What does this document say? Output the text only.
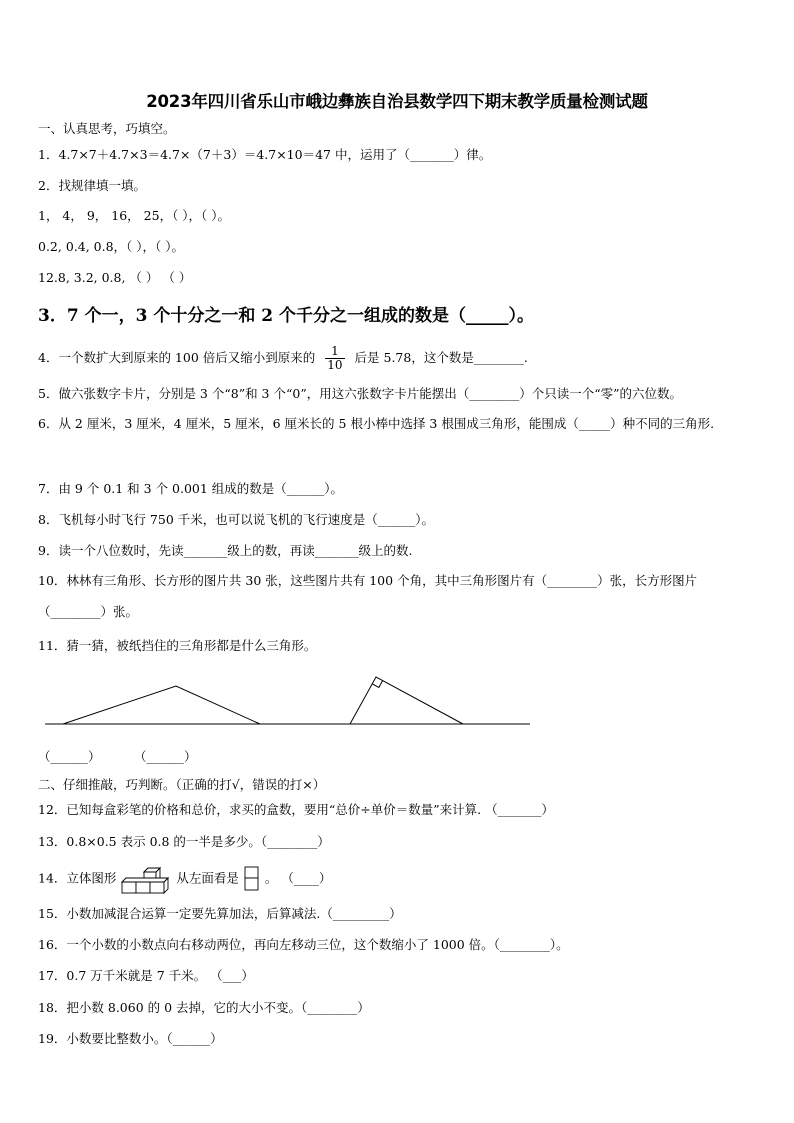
2023年四川省乐山市峨边彝族自治县数学四下期末教学质量检测试题
一、认真思考，巧填空。
1．4.7×7＋4.7×3＝4.7×（7＋3）＝4.7×10＝47 中，运用了（_______）律。
2．找规律填一填。
1， 4， 9， 16， 25，（ ），（ ）。
0.2, 0.4, 0.8，（ ），（ ）。
12.8, 3.2, 0.8, （ ） （ ）
3．7 个一，3 个十分之一和 2 个千分之一组成的数是（_____）。
4．一个数扩大到原来的 100 倍后又缩小到原来的 $\frac{1}{10}$ 后是 5.78，这个数是________.
5．做六张数字卡片，分别是 3 个“8”和 3 个“0”，用这六张数字卡片能摆出（________）个只读一个“零”的六位数。
6．从 2 厘米，3 厘米，4 厘米，5 厘米，6 厘米长的 5 根小棒中选择 3 根围成三角形，能围成（_____）种不同的三角形.
7．由 9 个 0.1 和 3 个 0.001 组成的数是（______）。
8．飞机每小时飞行 750 千米，也可以说飞机的飞行速度是（______）。
9．读一个八位数时，先读_______级上的数，再读_______级上的数.
10．林林有三角形、长方形的图片共 30 张，这些图片共有 100 个角，其中三角形图片有（________）张，长方形图片（________）张。
11．猜一猜，被纸挡住的三角形都是什么三角形。
（______）	（______）
二、仔细推敲，巧判断。（正确的打√，错误的打×）
12．已知每盒彩笔的价格和总价，求买的盒数，要用“总价÷单价＝数量”来计算. （_______）
13．0.8×0.5 表示 0.8 的一半是多少。（________）
14．立体图形	从左面看是 。 （____）
15．小数加减混合运算一定要先算加法，后算减法.（_________）
16．一个小数的小数点向右移动两位，再向左移动三位，这个数缩小了 1000 倍。（________）。
17．0.7 万千米就是 7 千米。 （___）
18．把小数 8.060 的 0 去掉，它的大小不变。（________）
19．小数要比整数小。（______）
